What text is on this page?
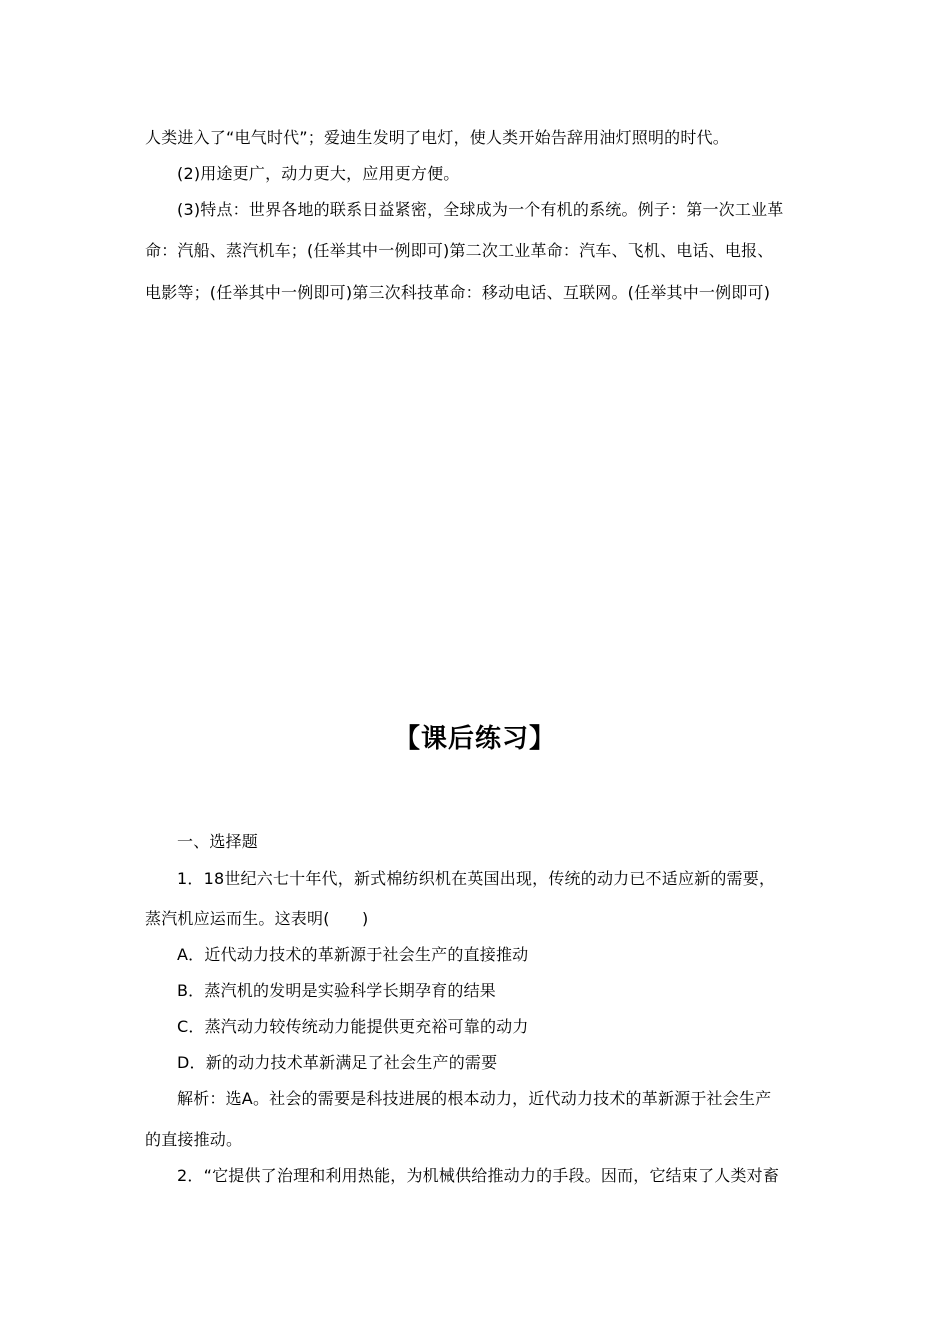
人类进入了“电气时代”；爱迪生发明了电灯，使人类开始告辞用油灯照明的时代。
(2)用途更广，动力更大，应用更方便。
(3)特点：世界各地的联系日益紧密，全球成为一个有机的系统。例子：第一次工业革
命：汽船、蒸汽机车；(任举其中一例即可)第二次工业革命：汽车、飞机、电话、电报、
电影等；(任举其中一例即可)第三次科技革命：移动电话、互联网。(任举其中一例即可)
【课后练习】
一、选择题
1．18世纪六七十年代，新式棉纺织机在英国出现，传统的动力已不适应新的需要，
蒸汽机应运而生。这表明(　　)
A．近代动力技术的革新源于社会生产的直接推动
B．蒸汽机的发明是实验科学长期孕育的结果
C．蒸汽动力较传统动力能提供更充裕可靠的动力
D．新的动力技术革新满足了社会生产的需要
解析：选A。社会的需要是科技进展的根本动力，近代动力技术的革新源于社会生产
的直接推动。
2．“它提供了治理和利用热能，为机械供给推动力的手段。因而，它结束了人类对畜
